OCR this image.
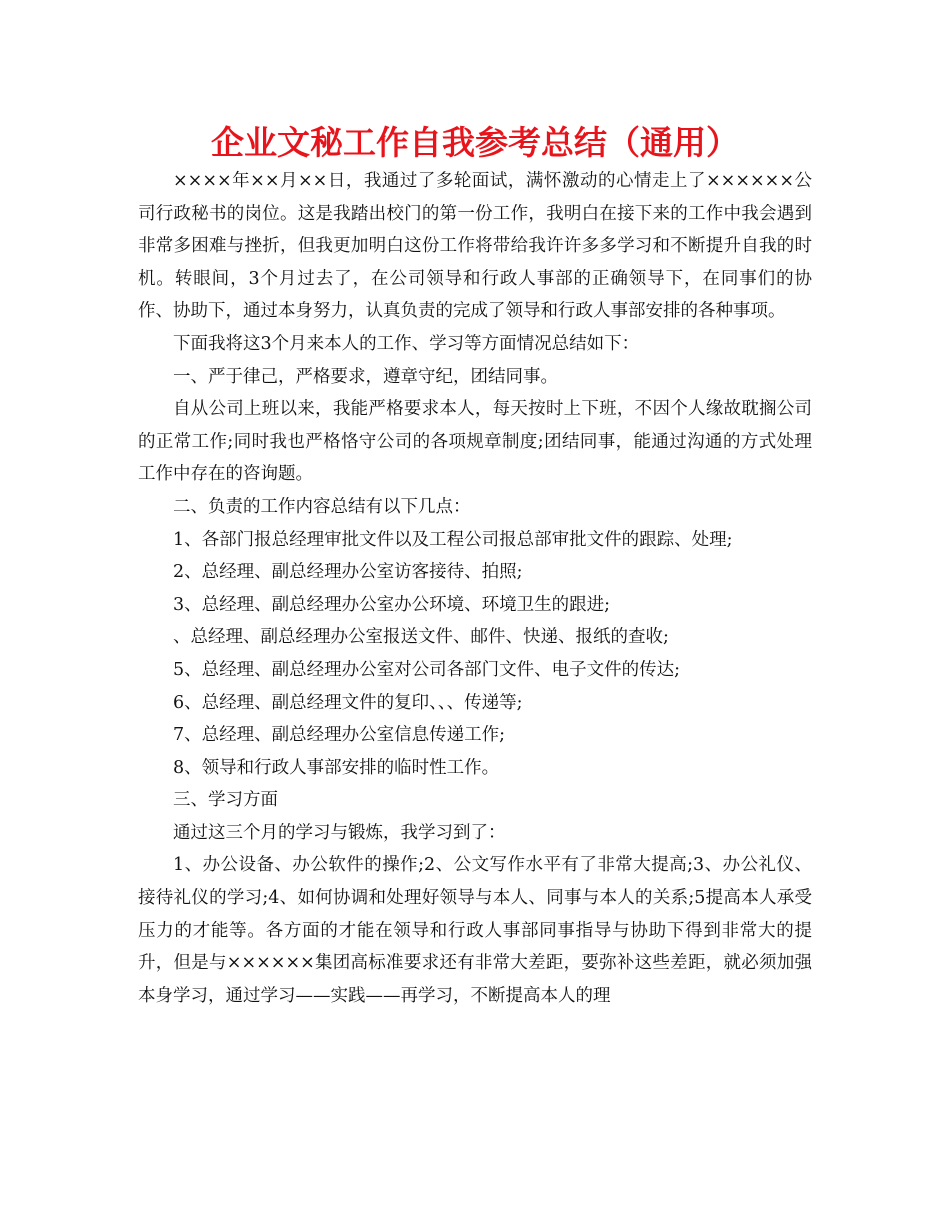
企业文秘工作自我参考总结（通用）

××××年××月××日，我通过了多轮面试，满怀激动的心情走上了××××××公司行政秘书的岗位。这是我踏出校门的第一份工作，我明白在接下来的工作中我会遇到非常多困难与挫折，但我更加明白这份工作将带给我许许多多学习和不断提升自我的时机。转眼间，3个月过去了，在公司领导和行政人事部的正确领导下，在同事们的协作、协助下，通过本身努力，认真负责的完成了领导和行政人事部安排的各种事项。

下面我将这3个月来本人的工作、学习等方面情况总结如下：

一、严于律己，严格要求，遵章守纪，团结同事。

自从公司上班以来，我能严格要求本人，每天按时上下班，不因个人缘故耽搁公司的正常工作;同时我也严格恪守公司的各项规章制度;团结同事，能通过沟通的方式处理工作中存在的咨询题。

二、负责的工作内容总结有以下几点：

1、各部门报总经理审批文件以及工程公司报总部审批文件的跟踪、处理;

2、总经理、副总经理办公室访客接待、拍照;

3、总经理、副总经理办公室办公环境、环境卫生的跟进;

、总经理、副总经理办公室报送文件、邮件、快递、报纸的查收;

5、总经理、副总经理办公室对公司各部门文件、电子文件的传达;

6、总经理、副总经理文件的复印、、、传递等;

7、总经理、副总经理办公室信息传递工作;

8、领导和行政人事部安排的临时性工作。

三、学习方面

通过这三个月的学习与锻炼，我学习到了：

1、办公设备、办公软件的操作;2、公文写作水平有了非常大提高;3、办公礼仪、接待礼仪的学习;4、如何协调和处理好领导与本人、同事与本人的关系;5提高本人承受压力的才能等。各方面的才能在领导和行政人事部同事指导与协助下得到非常大的提升，但是与××××××集团高标准要求还有非常大差距，要弥补这些差距，就必须加强本身学习，通过学习——实践——再学习，不断提高本人的理
